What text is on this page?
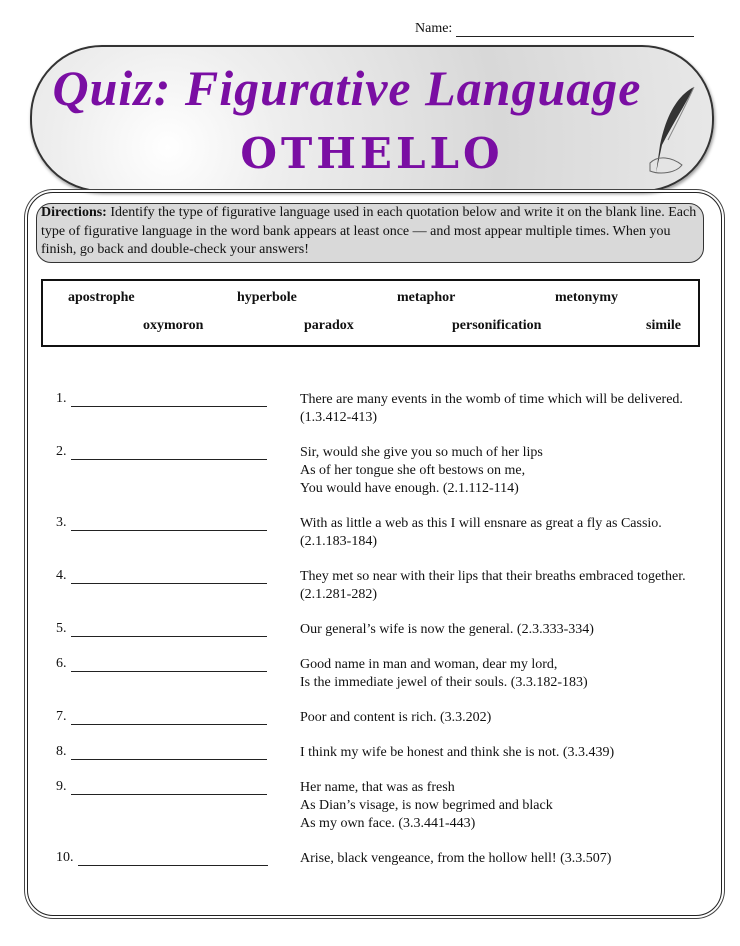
Name:
Quiz: Figurative Language
OTHELLO
Directions: Identify the type of figurative language used in each quotation below and write it on the blank line. Each type of figurative language in the word bank appears at least once — and most appear multiple times. When you finish, go back and double-check your answers!
apostrophe	hyperbole	metaphor	metonymy
oxymoron	paradox	personification	simile
1.	There are many events in the womb of time which will be delivered. (1.3.412-413)
2.	Sir, would she give you so much of her lips
As of her tongue she oft bestows on me,
You would have enough. (2.1.112-114)
3.	With as little a web as this I will ensnare as great a fly as Cassio. (2.1.183-184)
4.	They met so near with their lips that their breaths embraced together. (2.1.281-282)
5.	Our general’s wife is now the general. (2.3.333-334)
6.	Good name in man and woman, dear my lord,
Is the immediate jewel of their souls. (3.3.182-183)
7.	Poor and content is rich. (3.3.202)
8.	I think my wife be honest and think she is not. (3.3.439)
9.	Her name, that was as fresh
As Dian’s visage, is now begrimed and black
As my own face. (3.3.441-443)
10.	Arise, black vengeance, from the hollow hell! (3.3.507)
